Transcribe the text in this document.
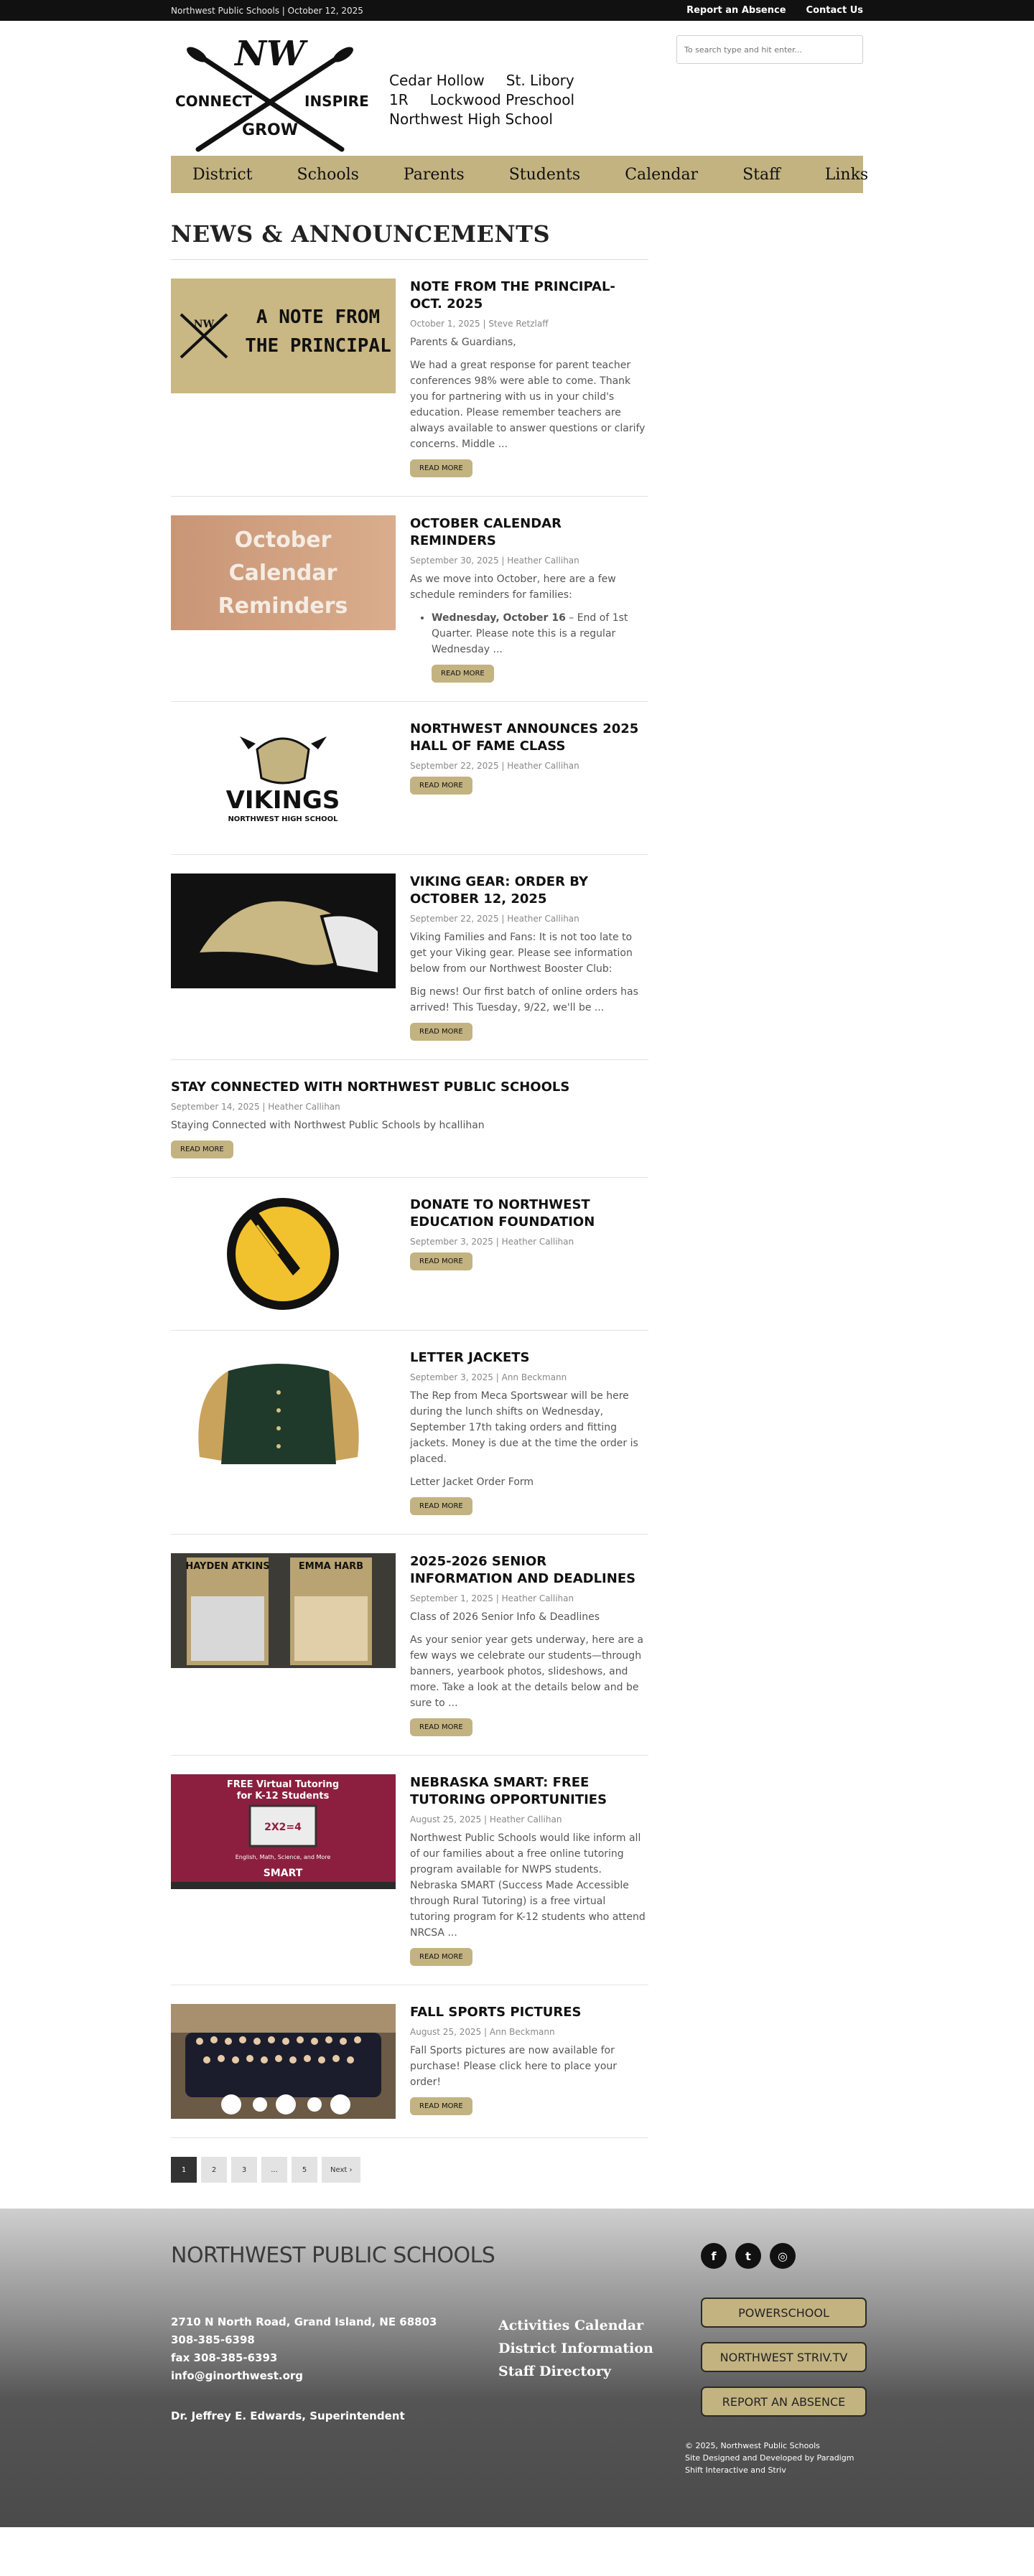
Northwest Public Schools | October 12, 2025	Report an Absence Contact Us
NW
CONNECT	INSPIRE
GROW
Cedar Hollow St. Libory
1R Lockwood Preschool
Northwest High School
To search type and hit enter...
District	Schools	Parents	Students	Calendar	Staff	Links
NEWS & ANNOUNCEMENTS
NW A NOTE FROM
THE PRINCIPAL
NOTE FROM THE PRINCIPAL- OCT. 2025
October 1, 2025 | Steve Retzlaff

Parents & Guardians,

We had a great response for parent teacher conferences 98% were able to come. Thank you for partnering with us in your child's education. Please remember teachers are always available to answer questions or clarify concerns. Middle ...

READ MORE
October
Calendar
Reminders
OCTOBER CALENDAR REMINDERS
September 30, 2025 | Heather Callihan

As we move into October, here are a few schedule reminders for families:

• Wednesday, October 16 – End of 1st Quarter. Please note this is a regular Wednesday ...
READ MORE
VIKINGS
NORTHWEST HIGH SCHOOL
NORTHWEST ANNOUNCES 2025 HALL OF FAME CLASS
September 22, 2025 | Heather Callihan
READ MORE
VIKING GEAR: ORDER BY OCTOBER 12, 2025
September 22, 2025 | Heather Callihan

Viking Families and Fans: It is not too late to get your Viking gear. Please see information below from our Northwest Booster Club:

Big news! Our first batch of online orders has arrived! This Tuesday, 9/22, we'll be ...

READ MORE
STAY CONNECTED WITH NORTHWEST PUBLIC SCHOOLS
September 14, 2025 | Heather Callihan

Staying Connected with Northwest Public Schools by hcallihan

READ MORE
DONATE TO NORTHWEST EDUCATION FOUNDATION
September 3, 2025 | Heather Callihan
READ MORE
LETTER JACKETS
September 3, 2025 | Ann Beckmann

The Rep from Meca Sportswear will be here during the lunch shifts on Wednesday, September 17th taking orders and fitting jackets. Money is due at the time the order is placed.

Letter Jacket Order Form

READ MORE
HAYDEN ATKINS	EMMA HARB	2025-2026 SENIOR INFORMATION AND DEADLINES
September 1, 2025 | Heather Callihan

Class of 2026 Senior Info & Deadlines

As your senior year gets underway, here are a few ways we celebrate our students—through banners, yearbook photos, slideshows, and more. Take a look at the details below and be sure to ...

READ MORE
FREE Virtual Tutoring
for K-12 Students
2X2=4
English, Math, Science, and More
SMART
NEBRASKA SMART: FREE TUTORING OPPORTUNITIES
August 25, 2025 | Heather Callihan

Northwest Public Schools would like inform all of our families about a free online tutoring program available for NWPS students. Nebraska SMART (Success Made Accessible through Rural Tutoring) is a free virtual tutoring program for K-12 students who attend NRCSA ...

READ MORE
FALL SPORTS PICTURES
August 25, 2025 | Ann Beckmann

Fall Sports pictures are now available for purchase! Please click here to place your order!

READ MORE
1	2	3	...	5	Next ›
NORTHWEST PUBLIC SCHOOLS
2710 N North Road, Grand Island, NE 68803
308-385-6398
fax 308-385-6393
info@ginorthwest.org
Dr. Jeffrey E. Edwards, Superintendent
Activities Calendar
District Information
Staff Directory
f	t	◎
POWERSCHOOL
NORTHWEST STRIV.TV
REPORT AN ABSENCE
© 2025, Northwest Public Schools
Site Designed and Developed by Paradigm Shift Interactive and Striv
